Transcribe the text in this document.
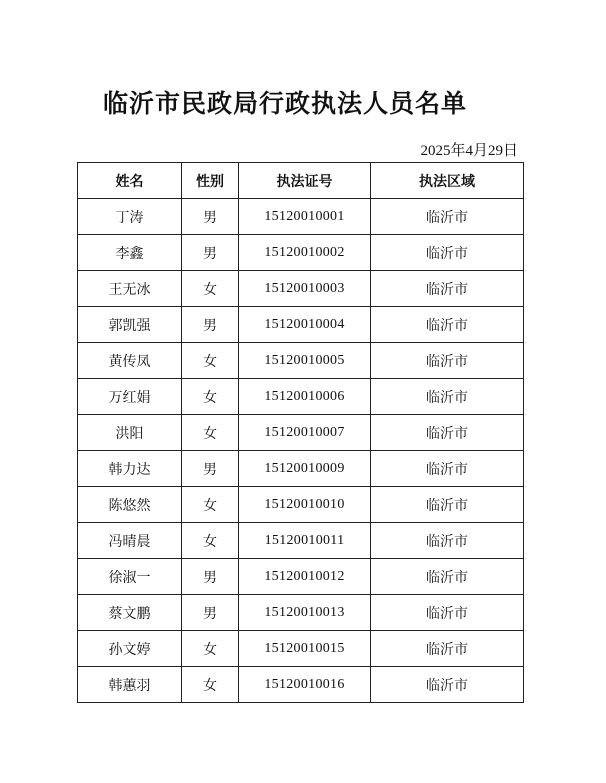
临沂市民政局行政执法人员名单
2025年4月29日
姓名	性别	执法证号	执法区域
丁涛	男	15120010001	临沂市
李鑫	男	15120010002	临沂市
王无冰	女	15120010003	临沂市
郭凯强	男	15120010004	临沂市
黄传凤	女	15120010005	临沂市
万红娟	女	15120010006	临沂市
洪阳	女	15120010007	临沂市
韩力达	男	15120010009	临沂市
陈悠然	女	15120010010	临沂市
冯晴晨	女	15120010011	临沂市
徐淑一	男	15120010012	临沂市
蔡文鹏	男	15120010013	临沂市
孙文婷	女	15120010015	临沂市
韩蕙羽	女	15120010016	临沂市
